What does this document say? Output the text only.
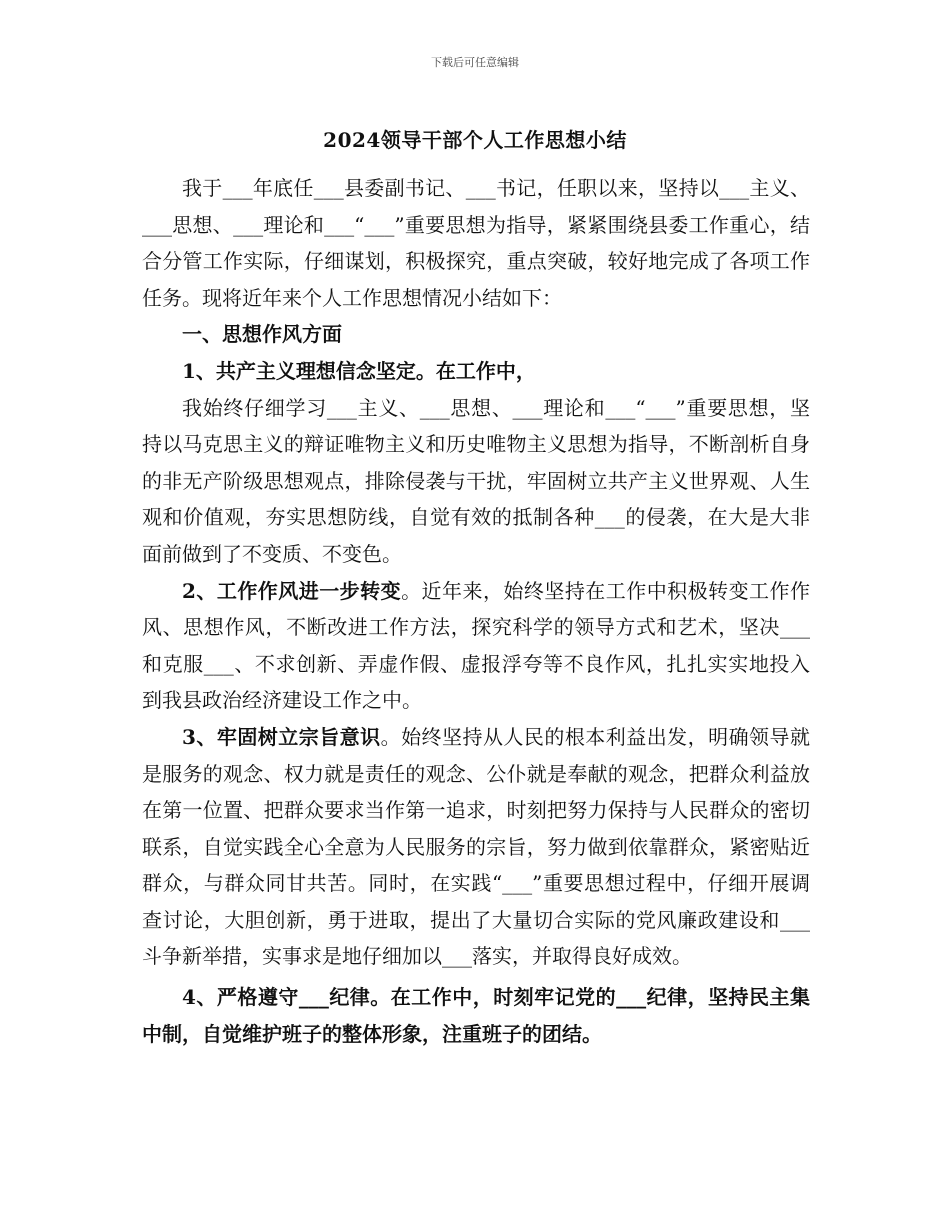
下载后可任意编辑
2024领导干部个人工作思想小结

我于___年底任___县委副书记、___书记，任职以来，坚持以___主义、___思想、___理论和___“___”重要思想为指导，紧紧围绕县委工作重心，结合分管工作实际，仔细谋划，积极探究，重点突破，较好地完成了各项工作任务。现将近年来个人工作思想情况小结如下：

一、思想作风方面

1、共产主义理想信念坚定。在工作中，

我始终仔细学习___主义、___思想、___理论和___“___”重要思想，坚持以马克思主义的辩证唯物主义和历史唯物主义思想为指导，不断剖析自身的非无产阶级思想观点，排除侵袭与干扰，牢固树立共产主义世界观、人生观和价值观，夯实思想防线，自觉有效的抵制各种___的侵袭，在大是大非面前做到了不变质、不变色。

2、工作作风进一步转变。近年来，始终坚持在工作中积极转变工作作风、思想作风，不断改进工作方法，探究科学的领导方式和艺术，坚决___和克服___、不求创新、弄虚作假、虚报浮夸等不良作风，扎扎实实地投入到我县政治经济建设工作之中。

3、牢固树立宗旨意识。始终坚持从人民的根本利益出发，明确领导就是服务的观念、权力就是责任的观念、公仆就是奉献的观念，把群众利益放在第一位置、把群众要求当作第一追求，时刻把努力保持与人民群众的密切联系，自觉实践全心全意为人民服务的宗旨，努力做到依靠群众，紧密贴近群众，与群众同甘共苦。同时，在实践“___”重要思想过程中，仔细开展调查讨论，大胆创新，勇于进取，提出了大量切合实际的党风廉政建设和___斗争新举措，实事求是地仔细加以___落实，并取得良好成效。

4、严格遵守___纪律。在工作中，时刻牢记党的___纪律，坚持民主集中制，自觉维护班子的整体形象，注重班子的团结。
